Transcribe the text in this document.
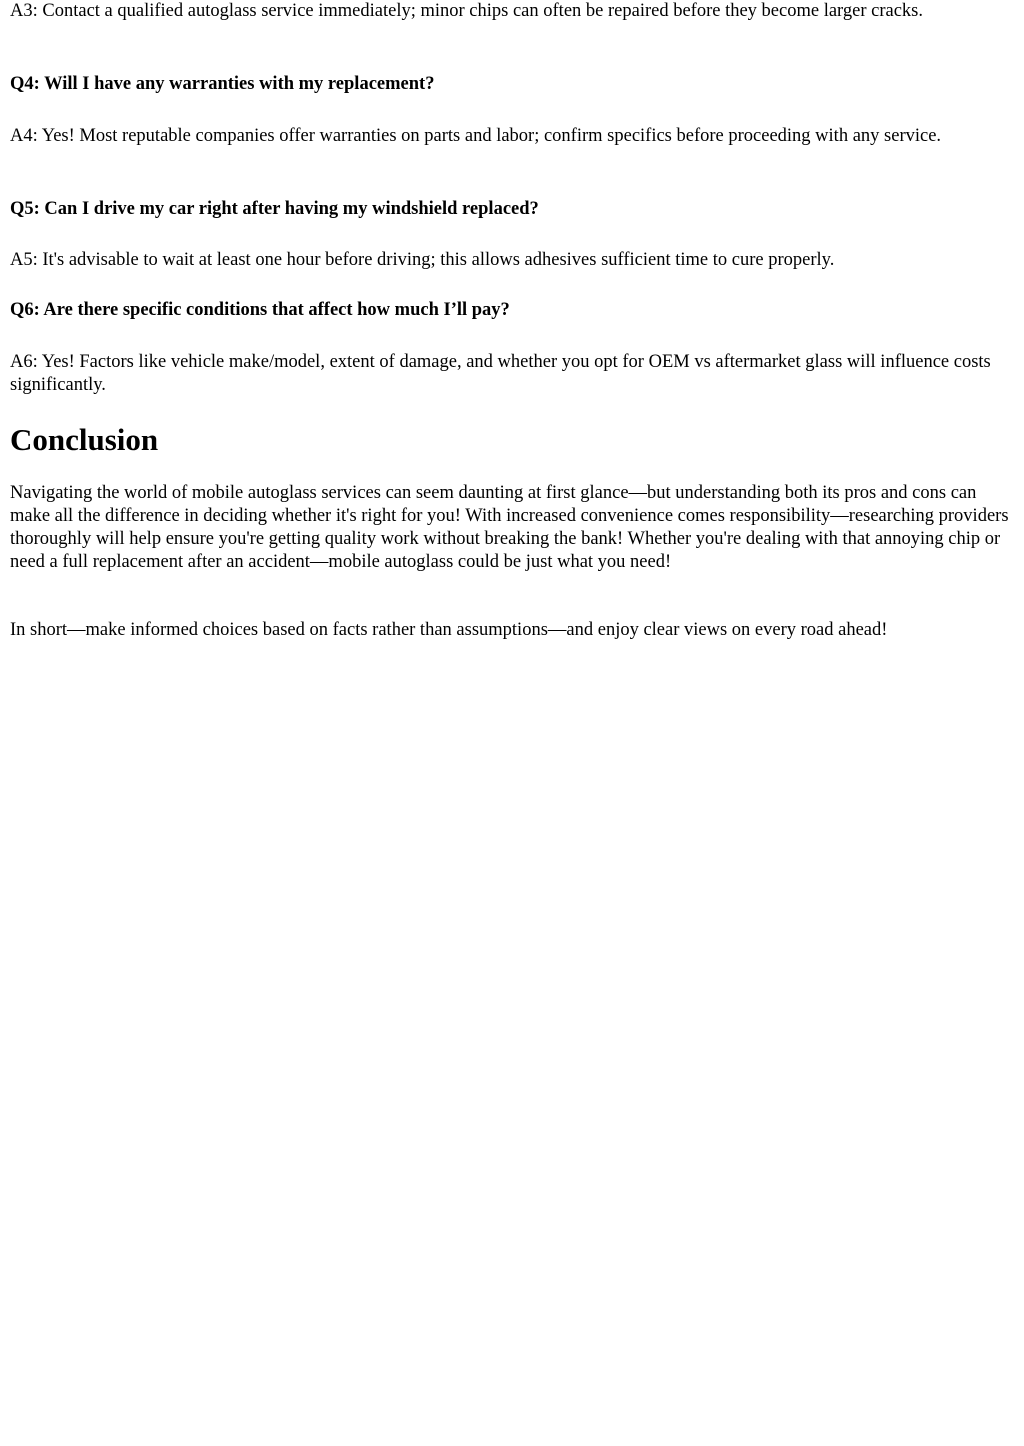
A3: Contact a qualified autoglass service immediately; minor chips can often be repaired before they become larger cracks.

Q4: Will I have any warranties with my replacement?

A4: Yes! Most reputable companies offer warranties on parts and labor; confirm specifics before proceeding with any service.

Q5: Can I drive my car right after having my windshield replaced?

A5: It's advisable to wait at least one hour before driving; this allows adhesives sufficient time to cure properly.

Q6: Are there specific conditions that affect how much I’ll pay?

A6: Yes! Factors like vehicle make/model, extent of damage, and whether you opt for OEM vs aftermarket glass will influence costs significantly.

Conclusion

Navigating the world of mobile autoglass services can seem daunting at first glance—but understanding both its pros and cons can make all the difference in deciding whether it's right for you! With increased convenience comes responsibility—researching providers thoroughly will help ensure you're getting quality work without breaking the bank! Whether you're dealing with that annoying chip or need a full replacement after an accident—mobile autoglass could be just what you need!

In short—make informed choices based on facts rather than assumptions—and enjoy clear views on every road ahead!
